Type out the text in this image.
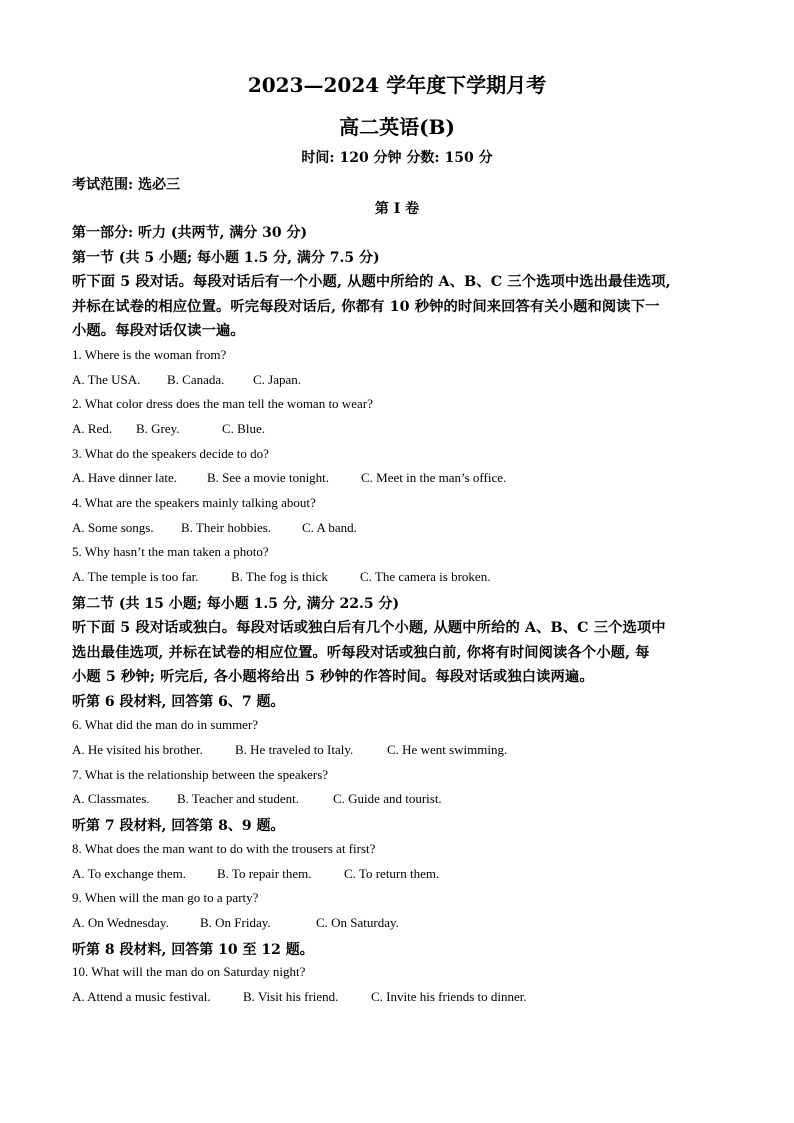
2023—2024 学年度下学期月考
高二英语(B)
时间: 120 分钟 分数: 150 分
考试范围: 选必三
第 I 卷
第一部分: 听力 (共两节, 满分 30 分)
第一节 (共 5 小题; 每小题 1.5 分, 满分 7.5 分)
听下面 5 段对话。每段对话后有一个小题, 从题中所给的 A、B、C 三个选项中选出最佳选项,
并标在试卷的相应位置。听完每段对话后, 你都有 10 秒钟的时间来回答有关小题和阅读下一
小题。每段对话仅读一遍。
1. Where is the woman from?
A. The USA. B. Canada. C. Japan.
2. What color dress does the man tell the woman to wear?
A. Red. B. Grey.	C. Blue.
3. What do the speakers decide to do?
A. Have dinner late. B. See a movie tonight. C. Meet in the man’s office.
4. What are the speakers mainly talking about?
A. Some songs. B. Their hobbies. C. A band.
5. Why hasn’t the man taken a photo?
A. The temple is too far.	B. The fog is thick C. The camera is broken.
第二节 (共 15 小题; 每小题 1.5 分, 满分 22.5 分)
听下面 5 段对话或独白。每段对话或独白后有几个小题, 从题中所给的 A、B、C 三个选项中
选出最佳选项, 并标在试卷的相应位置。听每段对话或独白前, 你将有时间阅读各个小题, 每
小题 5 秒钟; 听完后, 各小题将给出 5 秒钟的作答时间。每段对话或独白读两遍。
听第 6 段材料, 回答第 6、7 题。
6. What did the man do in summer?
A. He visited his brother. B. He traveled to Italy.	C. He went swimming.
7. What is the relationship between the speakers?
A. Classmates. B. Teacher and student.	C. Guide and tourist.
听第 7 段材料, 回答第 8、9 题。
8. What does the man want to do with the trousers at first?
A. To exchange them. B. To repair them. C. To return them.
9. When will the man go to a party?
A. On Wednesday. B. On Friday.	C. On Saturday.
听第 8 段材料, 回答第 10 至 12 题。
10. What will the man do on Saturday night?
A. Attend a music festival. B. Visit his friend.	C. Invite his friends to dinner.
